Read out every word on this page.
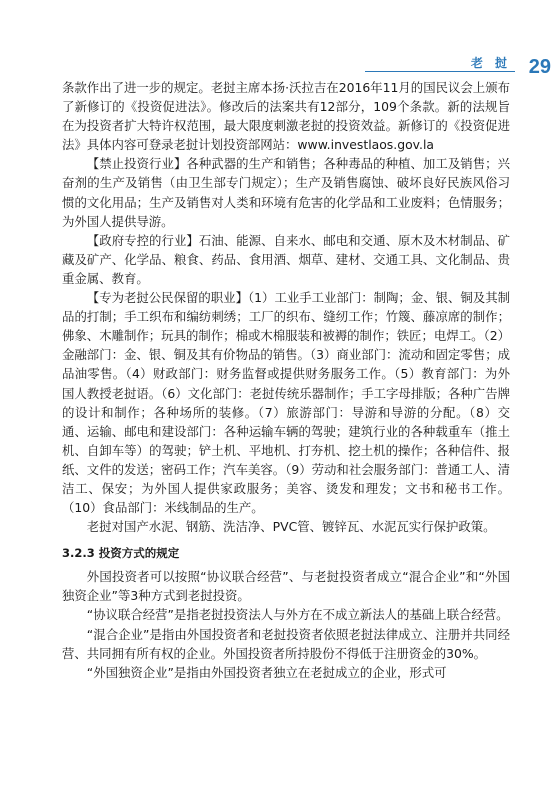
老 挝 29

条款作出了进一步的规定。老挝主席本扬·沃拉吉在2016年11月的国民议会上颁布了新修订的《投资促进法》。修改后的法案共有12部分，109个条款。新的法规旨在为投资者扩大特许权范围，最大限度刺激老挝的投资效益。新修订的《投资促进法》具体内容可登录老挝计划投资部网站：www.investlaos.gov.la

【禁止投资行业】各种武器的生产和销售；各种毒品的种植、加工及销售；兴奋剂的生产及销售（由卫生部专门规定）；生产及销售腐蚀、破坏良好民族风俗习惯的文化用品；生产及销售对人类和环境有危害的化学品和工业废料；色情服务；为外国人提供导游。

【政府专控的行业】石油、能源、自来水、邮电和交通、原木及木材制品、矿藏及矿产、化学品、粮食、药品、食用酒、烟草、建材、交通工具、文化制品、贵重金属、教育。

【专为老挝公民保留的职业】（1）工业手工业部门：制陶；金、银、铜及其制品的打制；手工织布和编纺刺绣；工厂的织布、缝纫工作；竹篾、藤凉席的制作；佛象、木雕制作；玩具的制作；棉或木棉服装和被褥的制作；铁匠；电焊工。（2）金融部门：金、银、铜及其有价物品的销售。（3）商业部门：流动和固定零售；成品油零售。（4）财政部门：财务监督或提供财务服务工作。（5）教育部门：为外国人教授老挝语。（6）文化部门：老挝传统乐器制作；手工字母排版；各种广告牌的设计和制作；各种场所的装修。（7）旅游部门：导游和导游的分配。（8）交通、运输、邮电和建设部门：各种运输车辆的驾驶；建筑行业的各种载重车（推土机、自卸车等）的驾驶；铲土机、平地机、打夯机、挖土机的操作；各种信件、报纸、文件的发送；密码工作；汽车美容。（9）劳动和社会服务部门：普通工人、清洁工、保安；为外国人提供家政服务；美容、烫发和理发；文书和秘书工作。（10）食品部门：米线制品的生产。

老挝对国产水泥、钢筋、洗洁净、PVC管、镀锌瓦、水泥瓦实行保护政策。

3.2.3 投资方式的规定

外国投资者可以按照“协议联合经营”、与老挝投资者成立“混合企业”和“外国独资企业”等3种方式到老挝投资。

“协议联合经营”是指老挝投资法人与外方在不成立新法人的基础上联合经营。

“混合企业”是指由外国投资者和老挝投资者依照老挝法律成立、注册并共同经营、共同拥有所有权的企业。外国投资者所持股份不得低于注册资金的30%。

“外国独资企业”是指由外国投资者独立在老挝成立的企业，形式可
